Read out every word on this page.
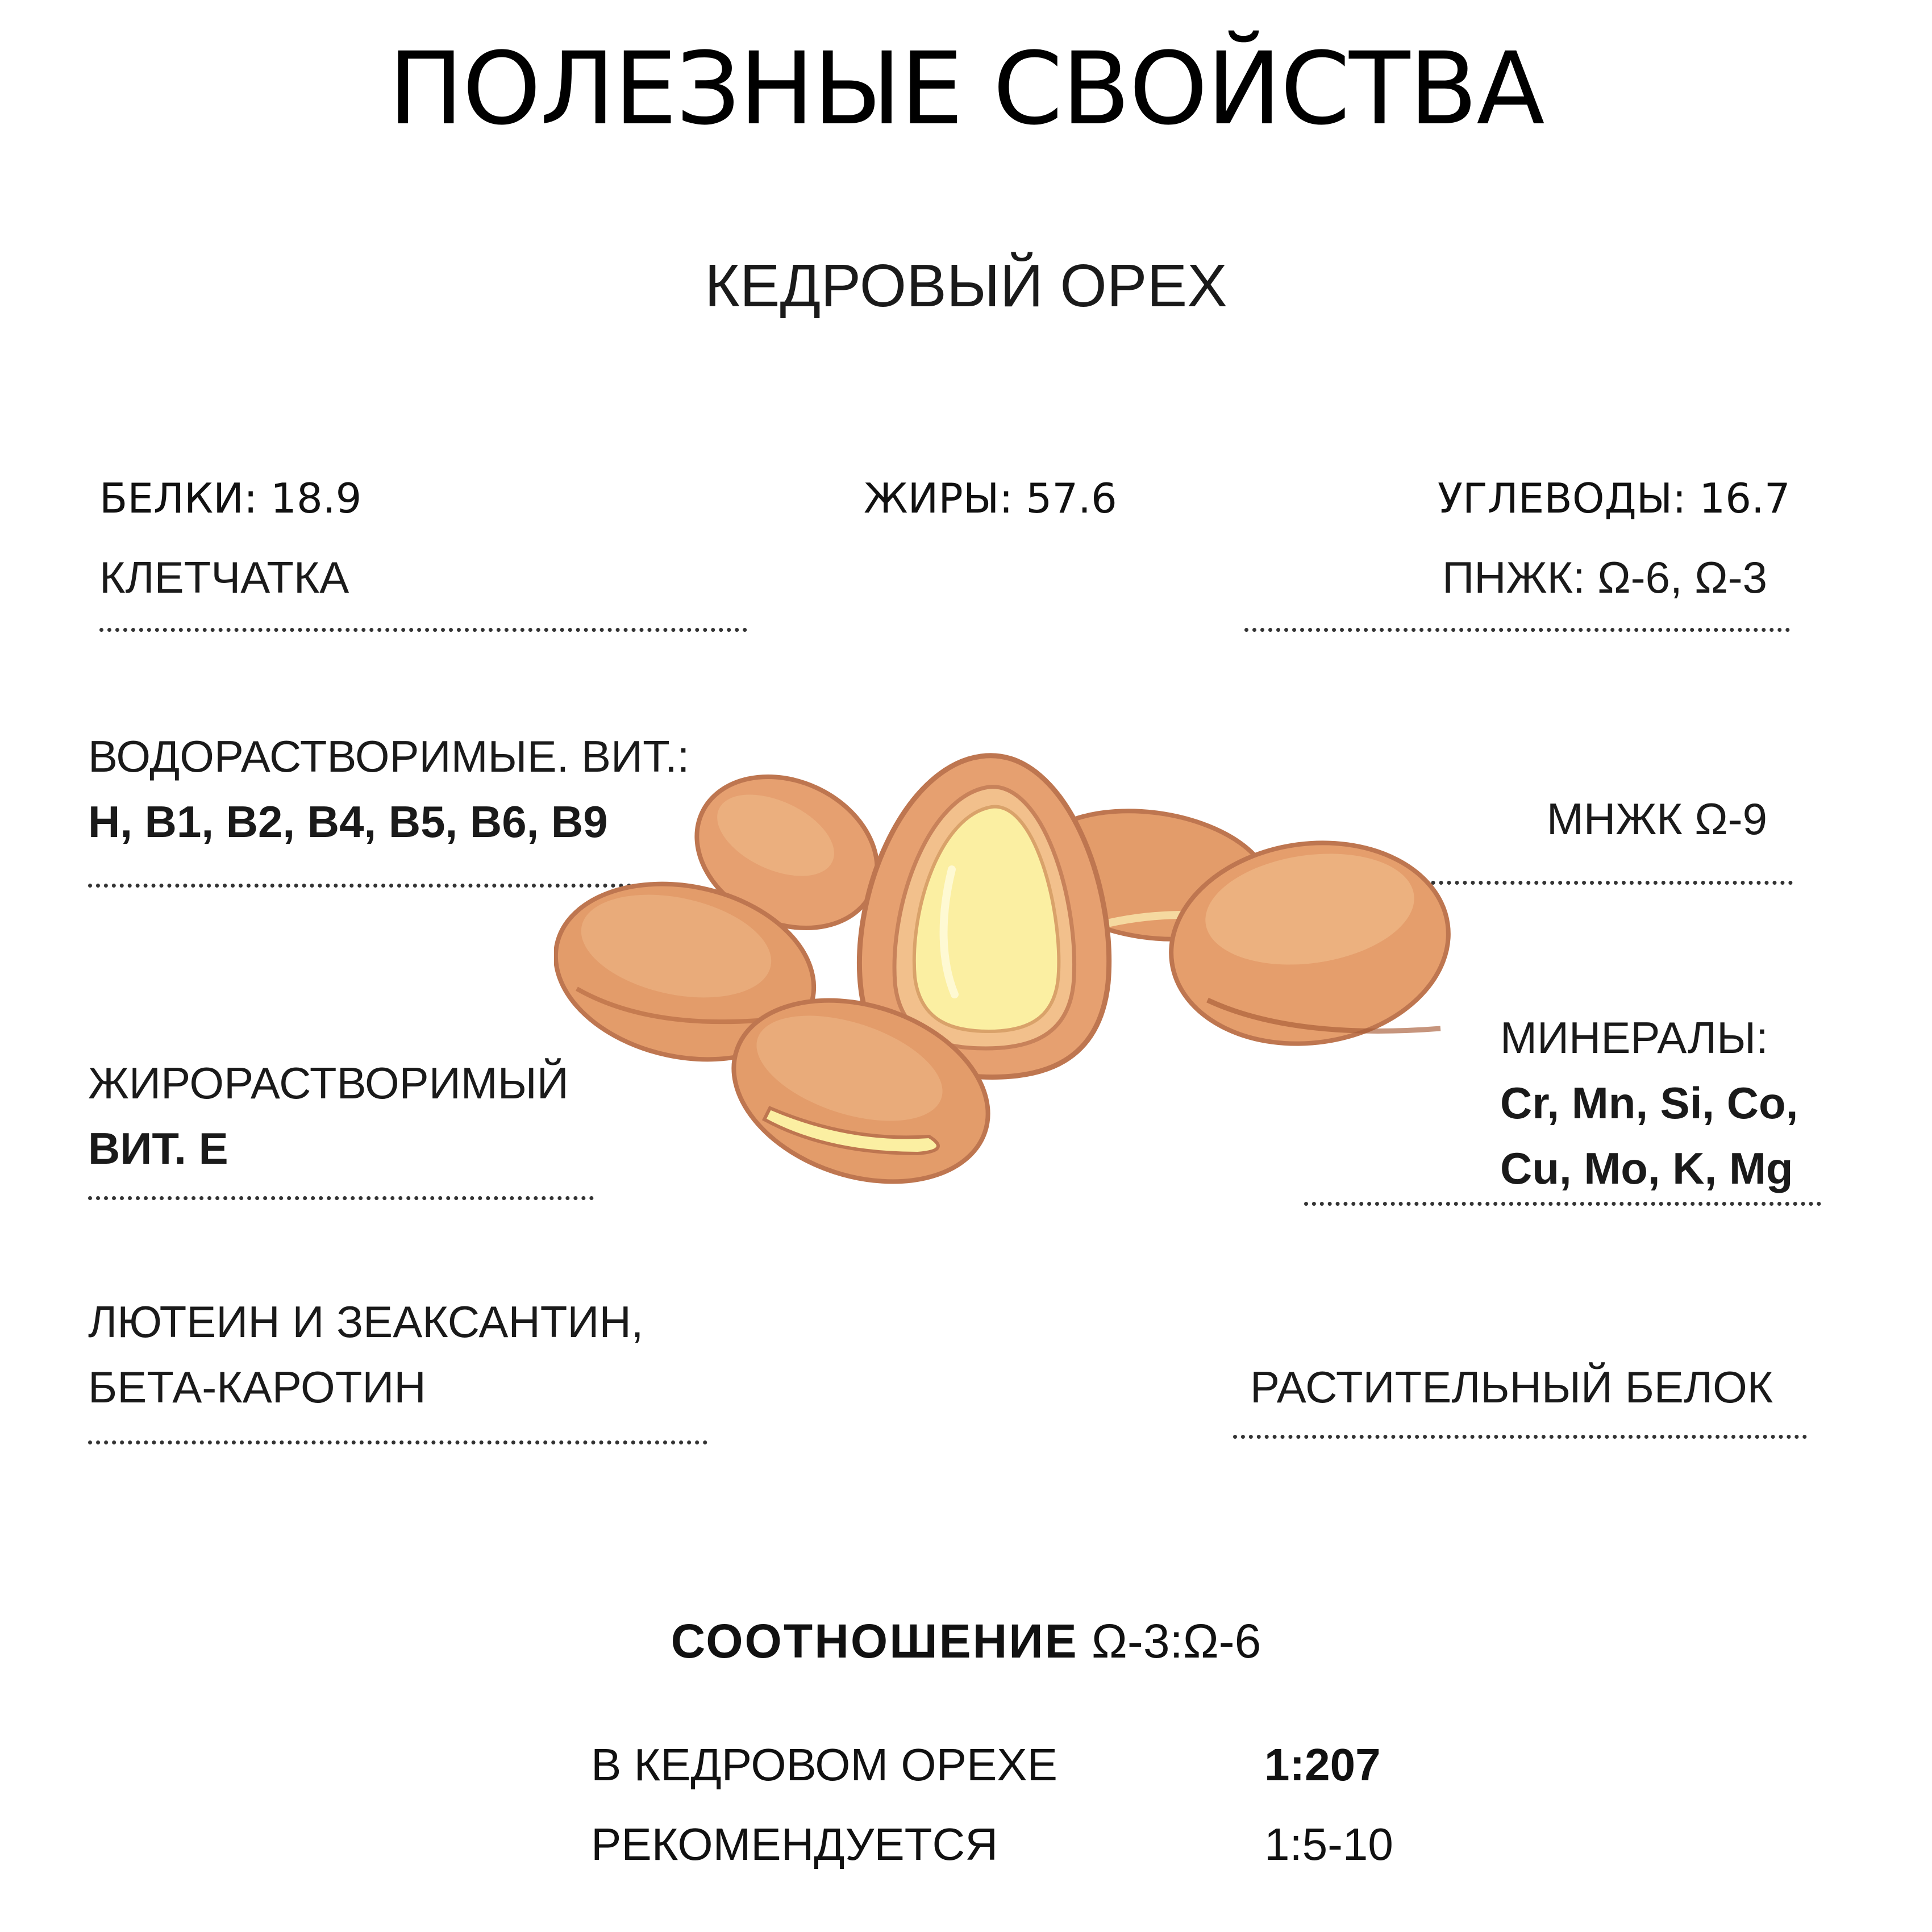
ПОЛЕЗНЫЕ СВОЙСТВА
КЕДРОВЫЙ ОРЕХ
БЕЛКИ: 18.9	ЖИРЫ: 57.6	УГЛЕВОДЫ: 16.7
КЛЕТЧАТКА
ВОДОРАСТВОРИМЫЕ. ВИТ.:
H, B1, B2, B4, B5, B6, B9
ЖИРОРАСТВОРИМЫЙ
ВИТ. Е
ЛЮТЕИН И ЗЕАКСАНТИН,
БЕТА-КАРОТИН
ПНЖК: Ω-6, Ω-3
МНЖК Ω-9
МИНЕРАЛЫ:
Cr, Mn, Si, Co,
Cu, Mo, K, Mg
РАСТИТЕЛЬНЫЙ БЕЛОК
СООТНОШЕНИЕ Ω-3:Ω-6
В КЕДРОВОМ ОРЕХЕ	1:207
РЕКОМЕНДУЕТСЯ	1:5-10
